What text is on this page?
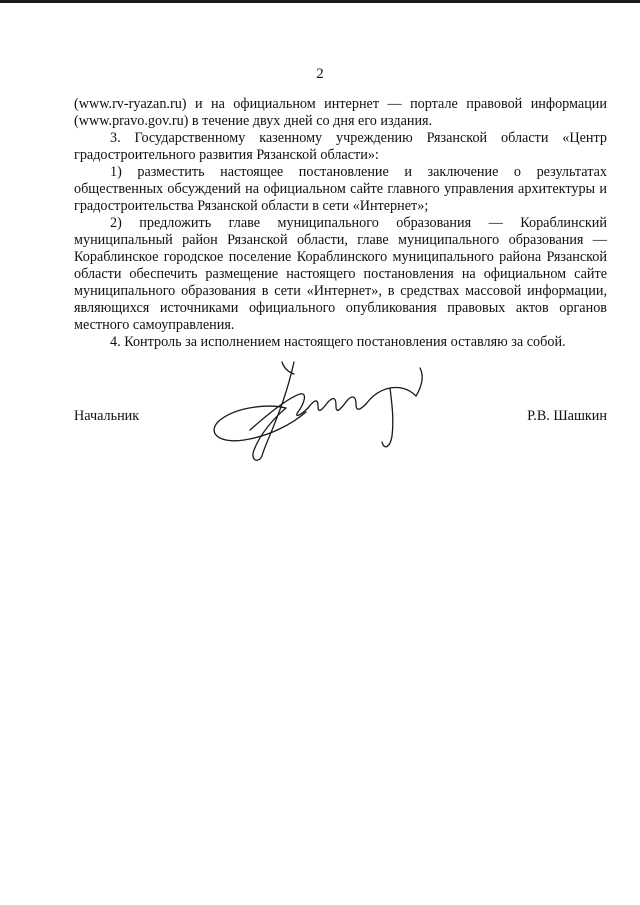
2

(www.rv-ryazan.ru) и на официальном интернет — портале правовой информации (www.pravo.gov.ru) в течение двух дней со дня его издания.

3. Государственному казенному учреждению Рязанской области «Центр градостроительного развития Рязанской области»:

1) разместить настоящее постановление и заключение о результатах общественных обсуждений на официальном сайте главного управления архитектуры и градостроительства Рязанской области в сети «Интернет»;

2) предложить главе муниципального образования — Кораблинский муниципальный район Рязанской области, главе муниципального образования — Кораблинское городское поселение Кораблинского муниципального района Рязанской области обеспечить размещение настоящего постановления на официальном сайте муниципального образования в сети «Интернет», в средствах массовой информации, являющихся источниками официального опубликования правовых актов органов местного самоуправления.

4. Контроль за исполнением настоящего постановления оставляю за собой.

Начальник	Р.В. Шашкин
